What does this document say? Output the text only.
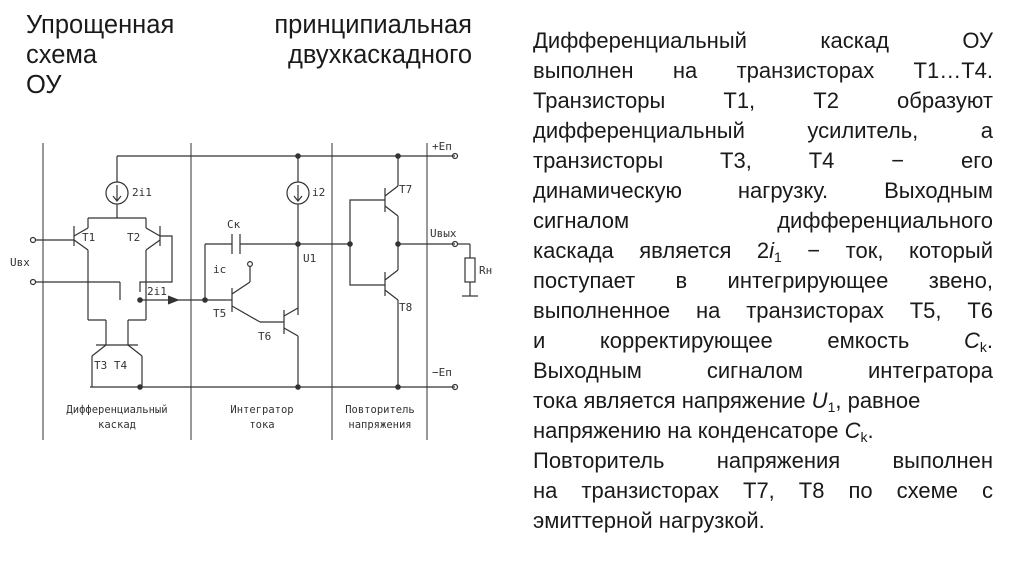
Упрощенная принципиальная
схема двухкаскадного
ОУ
Дифференциальный каскад ОУ
выполнен на транзисторах T1…T4.
Транзисторы Т1, Т2 образуют
дифференциальный усилитель, а
транзисторы Т3, Т4 − его
динамическую нагрузку. Выходным
сигналом дифференциального
каскада является $2i_1$ − ток, который
поступает в интегрирующее звено,
выполненное на транзисторах Т5, Т6
и корректирующее емкость $С_k$.
Выходным сигналом интегратора
тока является напряжение $U_1$, равное
напряжению на конденсаторе $С_k$.
Повторитель напряжения выполнен
на транзисторах Т7, Т8 по схеме с
эмиттерной нагрузкой.
+Eп
−Eп
Uвх
Uвых
Rн
Cк
U1
iс
2i1	i2
2i1
T1	T2
T3 T4
T5
T6
T7
T8
Дифференциальный
каскад
Интегратор
тока
Повторитель
напряжения
